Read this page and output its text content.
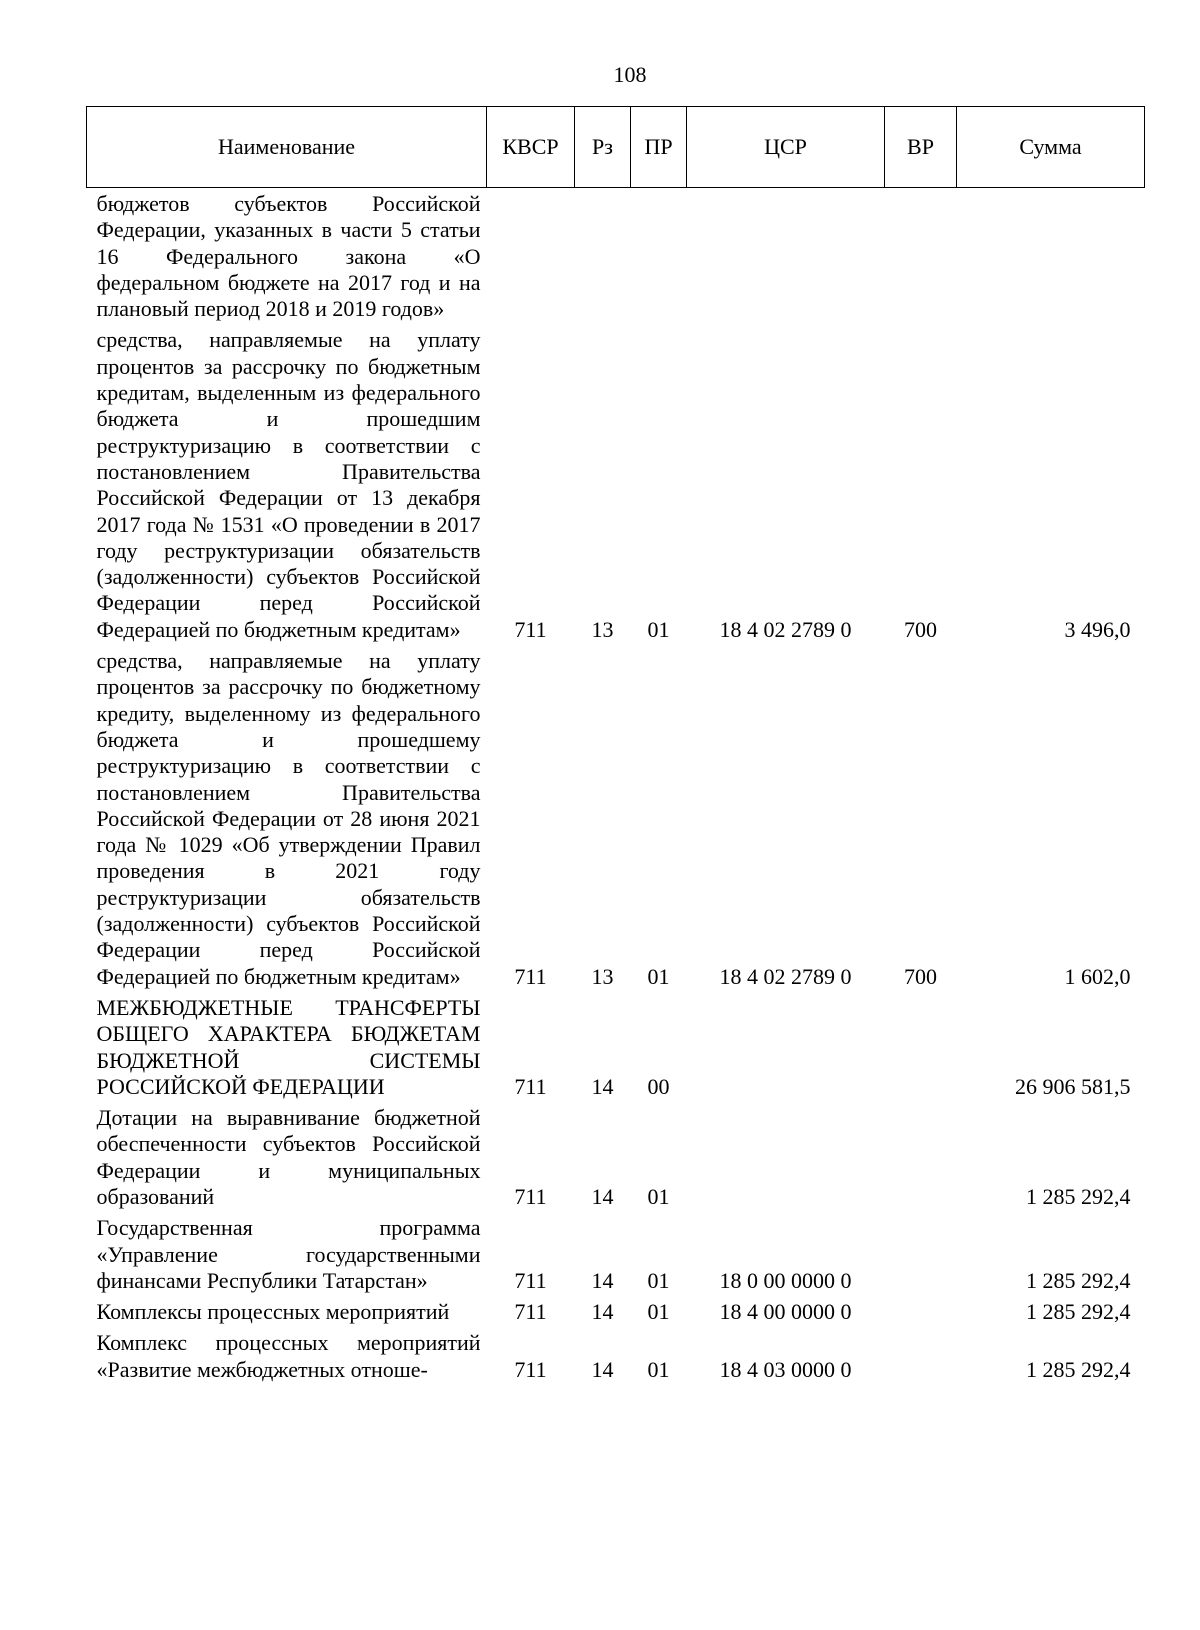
108
Наименование	КВСР	Рз	ПР	ЦСР	ВР	Сумма
бюджетов субъектов Российской Федерации, указанных в части 5 статьи 16 Федерального закона «О федеральном бюджете на 2017 год и на плановый период 2018 и 2019 годов»						
средства, направляемые на уплату процентов за рассрочку по бюджетным кредитам, выделенным из федерального бюджета и прошедшим реструктуризацию в соответствии с постановлением Правительства Российской Федерации от 13 декабря 2017 года № 1531 «О проведении в 2017 году реструктуризации обязательств (задолженности) субъектов Российской Федерации перед Российской Федерацией по бюджетным кредитам»	711	13	01	18 4 02 2789 0	700	3 496,0
средства, направляемые на уплату процентов за рассрочку по бюджетному кредиту, выделенному из федерального бюджета и прошедшему реструктуризацию в соответствии с постановлением Правительства Российской Федерации от 28 июня 2021 года № 1029 «Об утверждении Правил проведения в 2021 году реструктуризации обязательств (задолженности) субъектов Российской Федерации перед Российской Федерацией по бюджетным кредитам»	711	13	01	18 4 02 2789 0	700	1 602,0
МЕЖБЮДЖЕТНЫЕ ТРАНСФЕРТЫ ОБЩЕГО ХАРАКТЕРА БЮДЖЕТАМ БЮДЖЕТНОЙ СИСТЕМЫ РОССИЙСКОЙ ФЕДЕРАЦИИ	711	14	00			26 906 581,5
Дотации на выравнивание бюджетной обеспеченности субъектов Российской Федерации и муниципальных образований	711	14	01			1 285 292,4
Государственная программа «Управление государственными финансами Республики Татарстан»	711	14	01	18 0 00 0000 0		1 285 292,4
Комплексы процессных мероприятий	711	14	01	18 4 00 0000 0		1 285 292,4
Комплекс процессных мероприятий «Развитие межбюджетных отноше-	711	14	01	18 4 03 0000 0		1 285 292,4
